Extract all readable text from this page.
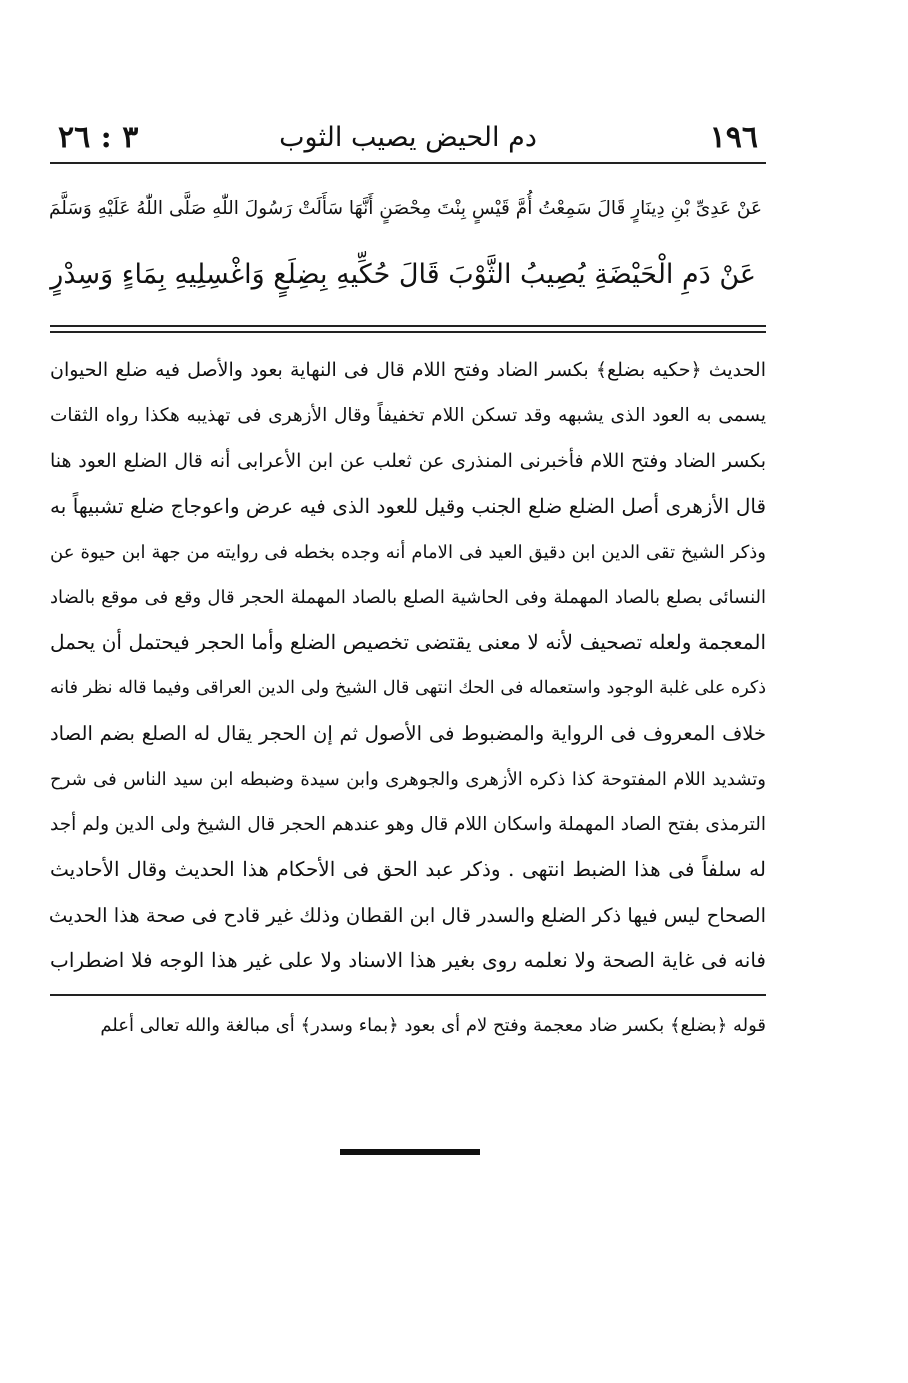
٣ : ٢٦	دم الحيض يصيب الثوب	١٩٦
عَنْ عَدِىِّ بْنِ دِينَارٍ قَالَ سَمِعْتُ أُمَّ قَيْسٍ بِنْتَ مِحْصَنٍ أَنَّهَا سَأَلَتْ رَسُولَ اللّٰهِ صَلَّى اللّٰهُ عَلَيْهِ وَسَلَّمَ
عَنْ دَمِ الْحَيْضَةِ يُصِيبُ الثَّوْبَ قَالَ حُكِّيهِ بِضِلَعٍ وَاغْسِلِيهِ بِمَاءٍ وَسِدْرٍ
الحديث ﴿حكيه بضلع﴾ بكسر الضاد وفتح اللام قال فى النهاية بعود والأصل فيه ضلع الحيوان
يسمى به العود الذى يشبهه وقد تسكن اللام تخفيفاً وقال الأزهرى فى تهذيبه هكذا رواه الثقات
بكسر الضاد وفتح اللام فأخبرنى المنذرى عن ثعلب عن ابن الأعرابى أنه قال الضلع العود هنا
قال الأزهرى أصل الضلع ضلع الجنب وقيل للعود الذى فيه عرض واعوجاج ضلع تشبيهاً به
وذكر الشيخ تقى الدين ابن دقيق العيد فى الامام أنه وجده بخطه فى روايته من جهة ابن حيوة عن
النسائى بصلع بالصاد المهملة وفى الحاشية الصلع بالصاد المهملة الحجر قال وقع فى موقع بالضاد
المعجمة ولعله تصحيف لأنه لا معنى يقتضى تخصيص الضلع وأما الحجر فيحتمل أن يحمل
ذكره على غلبة الوجود واستعماله فى الحك انتهى قال الشيخ ولى الدين العراقى وفيما قاله نظر فانه
خلاف المعروف فى الرواية والمضبوط فى الأصول ثم إن الحجر يقال له الصلع بضم الصاد
وتشديد اللام المفتوحة كذا ذكره الأزهرى والجوهرى وابن سيدة وضبطه ابن سيد الناس فى شرح
الترمذى بفتح الصاد المهملة واسكان اللام قال وهو عندهم الحجر قال الشيخ ولى الدين ولم أجد
له سلفاً فى هذا الضبط انتهى . وذكر عبد الحق فى الأحكام هذا الحديث وقال الأحاديث
الصحاح ليس فيها ذكر الضلع والسدر قال ابن القطان وذلك غير قادح فى صحة هذا الحديث
فانه فى غاية الصحة ولا نعلمه روى بغير هذا الاسناد ولا على غير هذا الوجه فلا اضطراب
قوله ﴿بضلع﴾ بكسر ضاد معجمة وفتح لام أى بعود ﴿بماء وسدر﴾ أى مبالغة والله تعالى أعلم
